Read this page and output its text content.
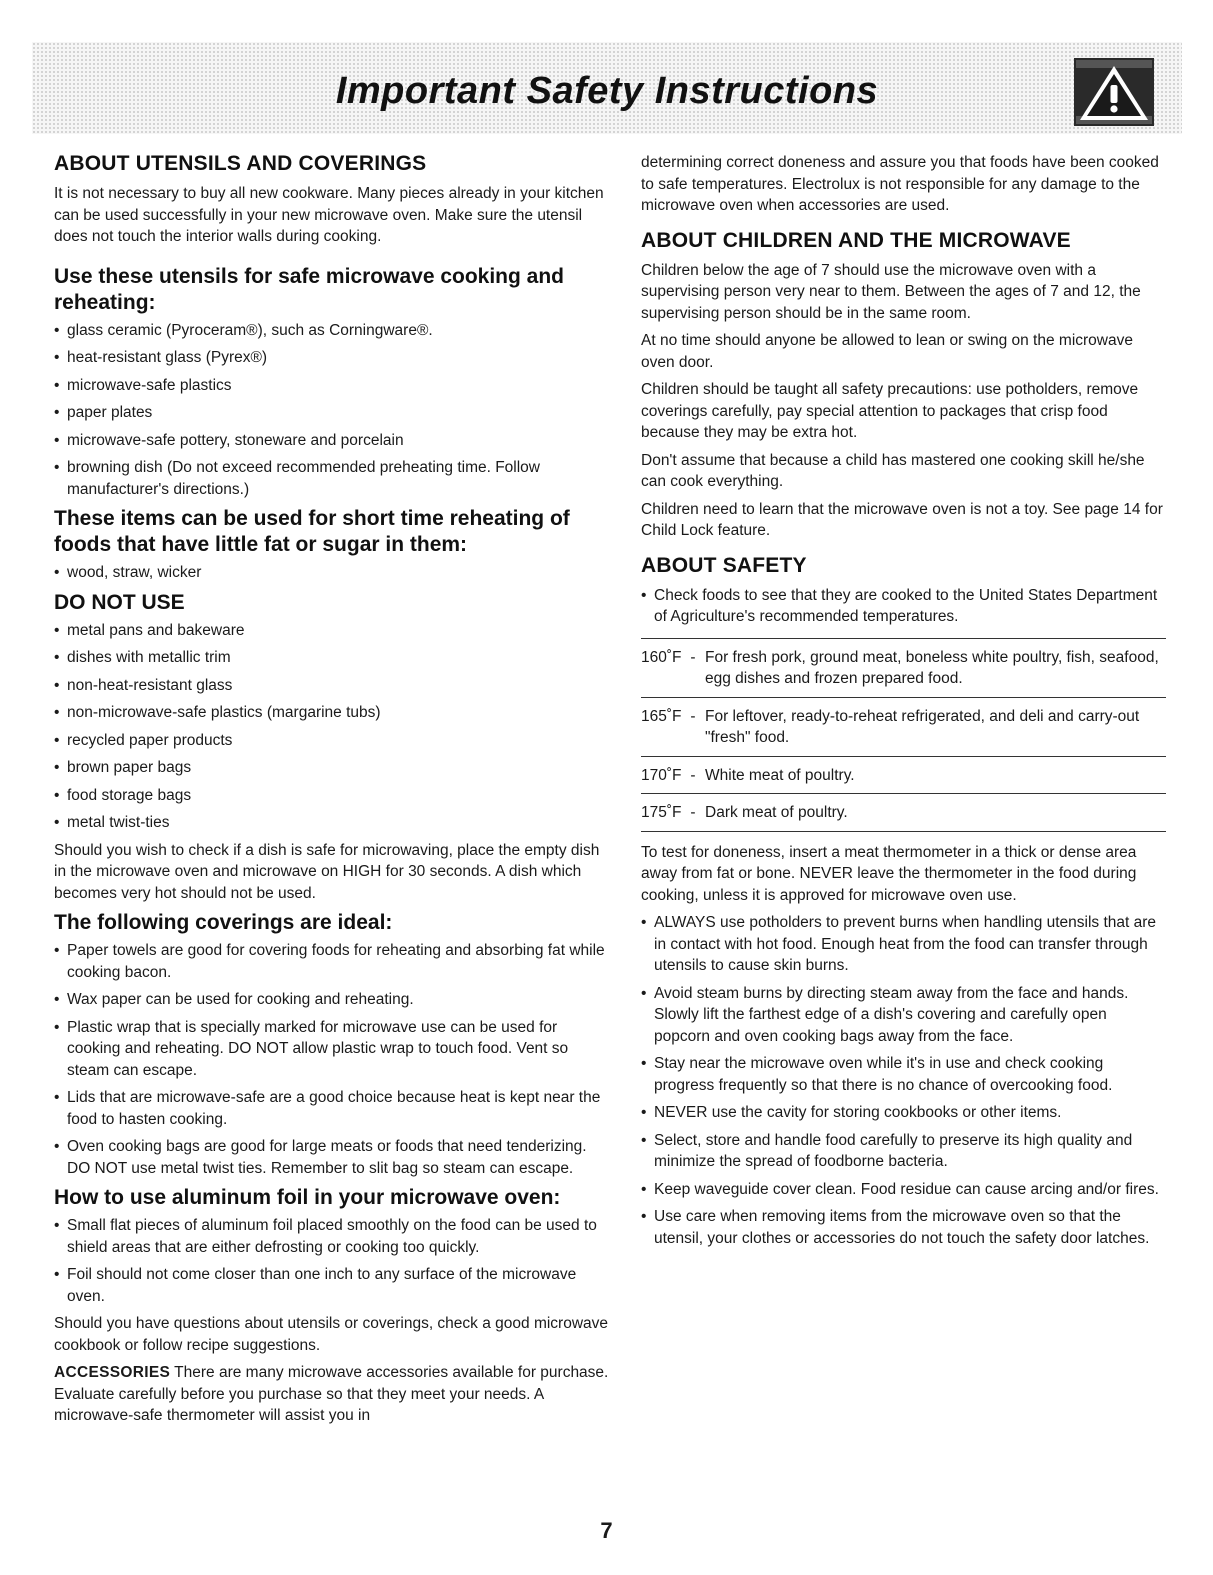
Important Safety Instructions
ABOUT UTENSILS AND COVERINGS

It is not necessary to buy all new cookware. Many pieces already in your kitchen can be used successfully in your new microwave oven. Make sure the utensil does not touch the interior walls during cooking.

Use these utensils for safe microwave cooking and reheating:
• glass ceramic (Pyroceram®), such as Corningware®.
• heat-resistant glass (Pyrex®)
• microwave-safe plastics
• paper plates
• microwave-safe pottery, stoneware and porcelain
• browning dish (Do not exceed recommended preheating time. Follow manufacturer's directions.)
These items can be used for short time reheating of foods that have little fat or sugar in them:
• wood, straw, wicker
DO NOT USE
• metal pans and bakeware
• dishes with metallic trim
• non-heat-resistant glass
• non-microwave-safe plastics (margarine tubs)
• recycled paper products
• brown paper bags
• food storage bags
• metal twist-ties

Should you wish to check if a dish is safe for microwaving, place the empty dish in the microwave oven and microwave on HIGH for 30 seconds. A dish which becomes very hot should not be used.

The following coverings are ideal:
• Paper towels are good for covering foods for reheating and absorbing fat while cooking bacon.
• Wax paper can be used for cooking and reheating.
• Plastic wrap that is specially marked for microwave use can be used for cooking and reheating. DO NOT allow plastic wrap to touch food. Vent so steam can escape.
• Lids that are microwave-safe are a good choice because heat is kept near the food to hasten cooking.
• Oven cooking bags are good for large meats or foods that need tenderizing. DO NOT use metal twist ties. Remember to slit bag so steam can escape.
How to use aluminum foil in your microwave oven:
• Small flat pieces of aluminum foil placed smoothly on the food can be used to shield areas that are either defrosting or cooking too quickly.
• Foil should not come closer than one inch to any surface of the microwave oven.

Should you have questions about utensils or coverings, check a good microwave cookbook or follow recipe suggestions.

ACCESSORIES There are many microwave accessories available for purchase. Evaluate carefully before you purchase so that they meet your needs. A microwave-safe thermometer will assist you in

determining correct doneness and assure you that foods have been cooked to safe temperatures. Electrolux is not responsible for any damage to the microwave oven when accessories are used.

ABOUT CHILDREN AND THE MICROWAVE

Children below the age of 7 should use the microwave oven with a supervising person very near to them. Between the ages of 7 and 12, the supervising person should be in the same room.

At no time should anyone be allowed to lean or swing on the microwave oven door.

Children should be taught all safety precautions: use potholders, remove coverings carefully, pay special attention to packages that crisp food because they may be extra hot.

Don't assume that because a child has mastered one cooking skill he/she can cook everything.

Children need to learn that the microwave oven is not a toy. See page 14 for Child Lock feature.

ABOUT SAFETY
• Check foods to see that they are cooked to the United States Department of Agriculture's recommended temperatures.
160˚F - For fresh pork, ground meat, boneless white poultry, fish, seafood, egg dishes and frozen prepared food.
165˚F - For leftover, ready-to-reheat refrigerated, and deli and carry-out "fresh" food.
170˚F - White meat of poultry.
175˚F - Dark meat of poultry.

To test for doneness, insert a meat thermometer in a thick or dense area away from fat or bone. NEVER leave the thermometer in the food during cooking, unless it is approved for microwave oven use.

• ALWAYS use potholders to prevent burns when handling utensils that are in contact with hot food. Enough heat from the food can transfer through utensils to cause skin burns.
• Avoid steam burns by directing steam away from the face and hands. Slowly lift the farthest edge of a dish's covering and carefully open popcorn and oven cooking bags away from the face.
• Stay near the microwave oven while it's in use and check cooking progress frequently so that there is no chance of overcooking food.
• NEVER use the cavity for storing cookbooks or other items.
• Select, store and handle food carefully to preserve its high quality and minimize the spread of foodborne bacteria.
• Keep waveguide cover clean. Food residue can cause arcing and/or fires.
• Use care when removing items from the microwave oven so that the utensil, your clothes or accessories do not touch the safety door latches.

7
